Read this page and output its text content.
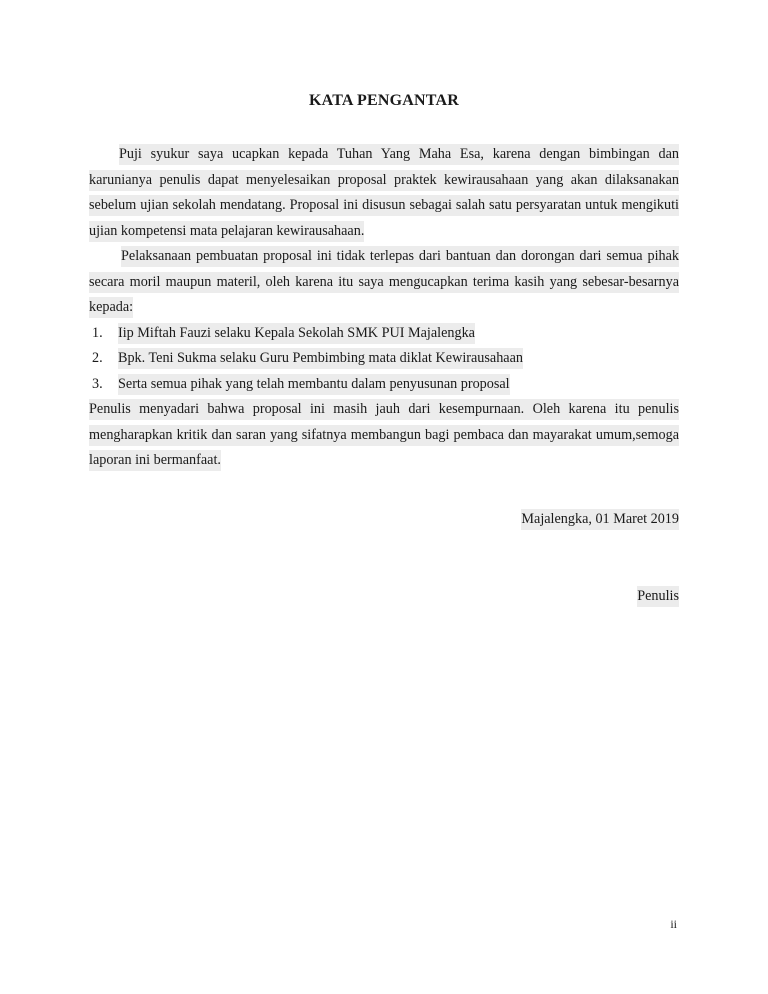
KATA PENGANTAR

Puji syukur saya ucapkan kepada Tuhan Yang Maha Esa, karena dengan bimbingan dan karunianya penulis dapat menyelesaikan proposal praktek kewirausahaan yang akan dilaksanakan sebelum ujian sekolah mendatang. Proposal ini disusun sebagai salah satu persyaratan untuk mengikuti ujian kompetensi mata pelajaran kewirausahaan.

Pelaksanaan pembuatan proposal ini tidak terlepas dari bantuan dan dorongan dari semua pihak secara moril maupun materil, oleh karena itu saya mengucapkan terima kasih yang sebesar-besarnya kepada:

1. Iip Miftah Fauzi selaku Kepala Sekolah SMK PUI Majalengka
2. Bpk. Teni Sukma selaku Guru Pembimbing mata diklat Kewirausahaan
3. Serta semua pihak yang telah membantu dalam penyusunan proposal

Penulis menyadari bahwa proposal ini masih jauh dari kesempurnaan. Oleh karena itu penulis mengharapkan kritik dan saran yang sifatnya membangun bagi pembaca dan mayarakat umum,semoga laporan ini bermanfaat.

Majalengka, 01 Maret 2019
Penulis
ii
